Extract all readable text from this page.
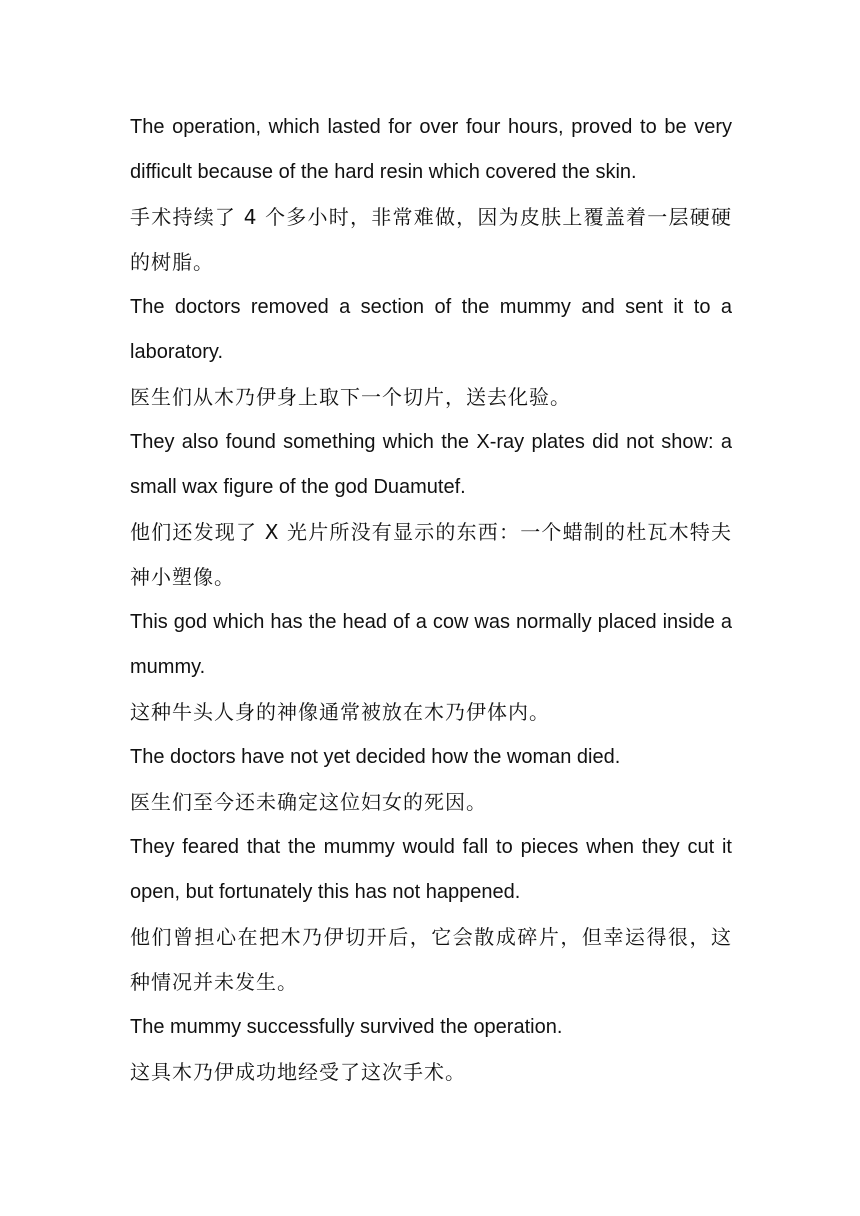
The operation, which lasted for over four hours, proved to be very difficult because of the hard resin which covered the skin.

手术持续了 4 个多小时，非常难做，因为皮肤上覆盖着一层硬硬的树脂。

The doctors removed a section of the mummy and sent it to a laboratory.

医生们从木乃伊身上取下一个切片，送去化验。

They also found something which the X-ray plates did not show: a small wax figure of the god Duamutef.

他们还发现了 X 光片所没有显示的东西：一个蜡制的杜瓦木特夫神小塑像。

This god which has the head of a cow was normally placed inside a mummy.

这种牛头人身的神像通常被放在木乃伊体内。

The doctors have not yet decided how the woman died.

医生们至今还未确定这位妇女的死因。

They feared that the mummy would fall to pieces when they cut it open, but fortunately this has not happened.

他们曾担心在把木乃伊切开后，它会散成碎片，但幸运得很，这种情况并未发生。

The mummy successfully survived the operation.

这具木乃伊成功地经受了这次手术。
